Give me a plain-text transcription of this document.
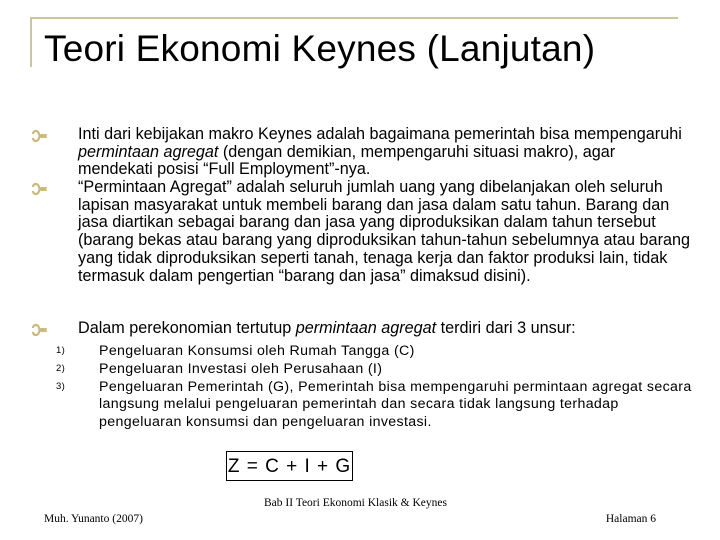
Teori Ekonomi Keynes (Lanjutan)
Inti dari kebijakan makro Keynes adalah bagaimana pemerintah bisa mempengaruhi permintaan agregat (dengan demikian, mempengaruhi situasi makro), agar mendekati posisi “Full Employment”-nya.
“Permintaan Agregat” adalah seluruh jumlah uang yang dibelanjakan oleh seluruh lapisan masyarakat untuk membeli barang dan jasa dalam satu tahun. Barang dan jasa diartikan sebagai barang dan jasa yang diproduksikan dalam tahun tersebut (barang bekas atau barang yang diproduksikan tahun-tahun sebelumnya atau barang yang tidak diproduksikan seperti tanah, tenaga kerja dan faktor produksi lain, tidak termasuk dalam pengertian “barang dan jasa” dimaksud disini).
Dalam perekonomian tertutup permintaan agregat terdiri dari 3 unsur:
1) Pengeluaran Konsumsi oleh Rumah Tangga (C)
2) Pengeluaran Investasi oleh Perusahaan (I)
3) Pengeluaran Pemerintah (G), Pemerintah bisa mempengaruhi permintaan agregat secara langsung melalui pengeluaran pemerintah dan secara tidak langsung terhadap pengeluaran konsumsi dan pengeluaran investasi.
Z = C + I + G
Bab II Teori Ekonomi Klasik & Keynes
Muh. Yunanto (2007)	Halaman 6
